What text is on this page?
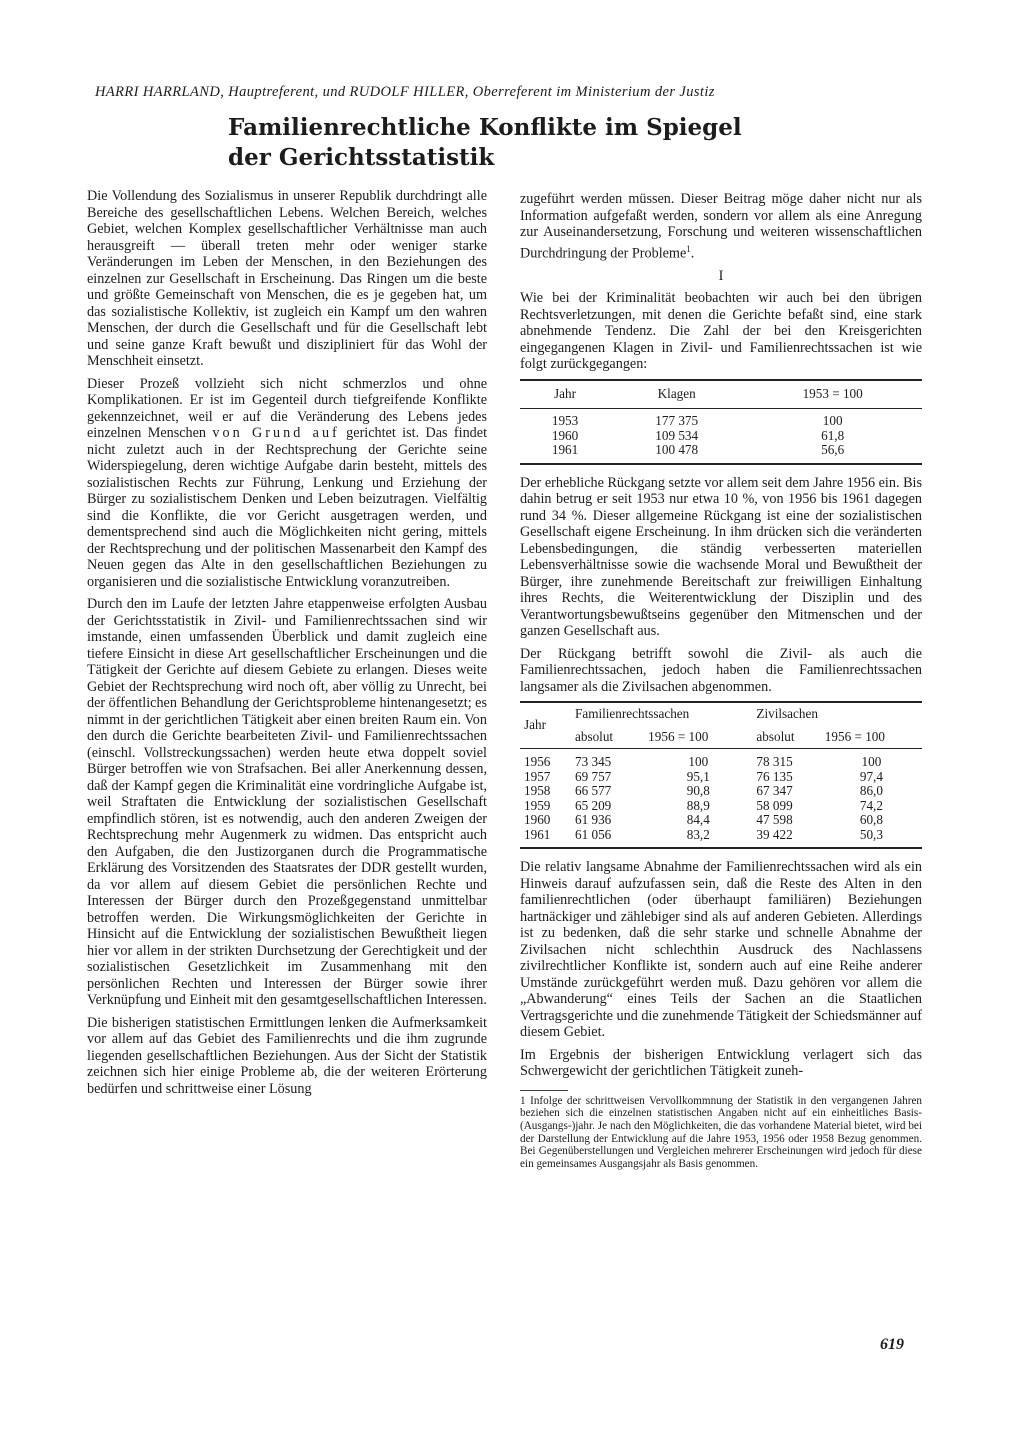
HARRI HARRLAND, Hauptreferent, und RUDOLF HILLER, Oberreferent im Ministerium der Justiz
Familienrechtliche Konflikte im Spiegel
der Gerichtsstatistik

Die Vollendung des Sozialismus in unserer Republik durchdringt alle Bereiche des gesellschaftlichen Lebens. Welchen Bereich, welches Gebiet, welchen Komplex gesellschaftlicher Verhältnisse man auch herausgreift — überall treten mehr oder weniger starke Veränderungen im Leben der Menschen, in den Beziehungen des einzelnen zur Gesellschaft in Erscheinung. Das Ringen um die beste und größte Gemeinschaft von Menschen, die es je gegeben hat, um das sozialistische Kollektiv, ist zugleich ein Kampf um den wahren Menschen, der durch die Gesellschaft und für die Gesellschaft lebt und seine ganze Kraft bewußt und diszipliniert für das Wohl der Menschheit einsetzt.

Dieser Prozeß vollzieht sich nicht schmerzlos und ohne Komplikationen. Er ist im Gegenteil durch tiefgreifende Konflikte gekennzeichnet, weil er auf die Veränderung des Lebens jedes einzelnen Menschen von Grund auf gerichtet ist. Das findet nicht zuletzt auch in der Rechtsprechung der Gerichte seine Widerspiegelung, deren wichtige Aufgabe darin besteht, mittels des sozialistischen Rechts zur Führung, Lenkung und Erziehung der Bürger zu sozialistischem Denken und Leben beizutragen. Vielfältig sind die Konflikte, die vor Gericht ausgetragen werden, und dementsprechend sind auch die Möglichkeiten nicht gering, mittels der Rechtsprechung und der politischen Massenarbeit den Kampf des Neuen gegen das Alte in den gesellschaftlichen Beziehungen zu organisieren und die sozialistische Entwicklung voranzutreiben.

Durch den im Laufe der letzten Jahre etappenweise erfolgten Ausbau der Gerichtsstatistik in Zivil- und Familienrechtssachen sind wir imstande, einen umfassenden Überblick und damit zugleich eine tiefere Einsicht in diese Art gesellschaftlicher Erscheinungen und die Tätigkeit der Gerichte auf diesem Gebiete zu erlangen. Dieses weite Gebiet der Rechtsprechung wird noch oft, aber völlig zu Unrecht, bei der öffentlichen Behandlung der Gerichtsprobleme hintenangesetzt; es nimmt in der gerichtlichen Tätigkeit aber einen breiten Raum ein. Von den durch die Gerichte bearbeiteten Zivil- und Familienrechtssachen (einschl. Vollstreckungssachen) werden heute etwa doppelt soviel Bürger betroffen wie von Strafsachen. Bei aller Anerkennung dessen, daß der Kampf gegen die Kriminalität eine vordringliche Aufgabe ist, weil Straftaten die Entwicklung der sozialistischen Gesellschaft empfindlich stören, ist es notwendig, auch den anderen Zweigen der Rechtsprechung mehr Augenmerk zu widmen. Das entspricht auch den Aufgaben, die den Justizorganen durch die Programmatische Erklärung des Vorsitzenden des Staatsrates der DDR gestellt wurden, da vor allem auf diesem Gebiet die persönlichen Rechte und Interessen der Bürger durch den Prozeßgegenstand unmittelbar betroffen werden. Die Wirkungsmöglichkeiten der Gerichte in Hinsicht auf die Entwicklung der sozialistischen Bewußtheit liegen hier vor allem in der strikten Durchsetzung der Gerechtigkeit und der sozialistischen Gesetzlichkeit im Zusammenhang mit den persönlichen Rechten und Interessen der Bürger sowie ihrer Verknüpfung und Einheit mit den gesamtgesellschaftlichen Interessen.

Die bisherigen statistischen Ermittlungen lenken die Aufmerksamkeit vor allem auf das Gebiet des Familienrechts und die ihm zugrunde liegenden gesellschaftlichen Beziehungen. Aus der Sicht der Statistik zeichnen sich hier einige Probleme ab, die der weiteren Erörterung bedürfen und schrittweise einer Lösung

zugeführt werden müssen. Dieser Beitrag möge daher nicht nur als Information aufgefaßt werden, sondern vor allem als eine Anregung zur Auseinandersetzung, Forschung und weiteren wissenschaftlichen Durchdringung der Probleme$^1$.

I

Wie bei der Kriminalität beobachten wir auch bei den übrigen Rechtsverletzungen, mit denen die Gerichte befaßt sind, eine stark abnehmende Tendenz. Die Zahl der bei den Kreisgerichten eingegangenen Klagen in Zivil- und Familienrechtssachen ist wie folgt zurückgegangen:

Jahr	Klagen	1953 = 100
1953	177 375	100
1960	109 534	61,8
1961	100 478	56,6

Der erhebliche Rückgang setzte vor allem seit dem Jahre 1956 ein. Bis dahin betrug er seit 1953 nur etwa 10 %, von 1956 bis 1961 dagegen rund 34 %. Dieser allgemeine Rückgang ist eine der sozialistischen Gesellschaft eigene Erscheinung. In ihm drücken sich die veränderten Lebensbedingungen, die ständig verbesserten materiellen Lebensverhältnisse sowie die wachsende Moral und Bewußtheit der Bürger, ihre zunehmende Bereitschaft zur freiwilligen Einhaltung ihres Rechts, die Weiterentwicklung der Disziplin und des Verantwortungsbewußtseins gegenüber den Mitmenschen und der ganzen Gesellschaft aus.

Der Rückgang betrifft sowohl die Zivil- als auch die Familienrechtssachen, jedoch haben die Familienrechtssachen langsamer als die Zivilsachen abgenommen.

Jahr	Familienrechtssachen		Zivilsachen	
	absolut	1956 = 100	absolut	1956 = 100
1956	73 345	100	78 315	100
1957	69 757	95,1	76 135	97,4
1958	66 577	90,8	67 347	86,0
1959	65 209	88,9	58 099	74,2
1960	61 936	84,4	47 598	60,8
1961	61 056	83,2	39 422	50,3

Die relativ langsame Abnahme der Familienrechtssachen wird als ein Hinweis darauf aufzufassen sein, daß die Reste des Alten in den familienrechtlichen (oder überhaupt familiären) Beziehungen hartnäckiger und zählebiger sind als auf anderen Gebieten. Allerdings ist zu bedenken, daß die sehr starke und schnelle Abnahme der Zivilsachen nicht schlechthin Ausdruck des Nachlassens zivilrechtlicher Konflikte ist, sondern auch auf eine Reihe anderer Umstände zurückgeführt werden muß. Dazu gehören vor allem die „Abwanderung“ eines Teils der Sachen an die Staatlichen Vertragsgerichte und die zunehmende Tätigkeit der Schiedsmänner auf diesem Gebiet.

Im Ergebnis der bisherigen Entwicklung verlagert sich das Schwergewicht der gerichtlichen Tätigkeit zuneh-

1 Infolge der schrittweisen Vervollkommnung der Statistik in den vergangenen Jahren beziehen sich die einzelnen statistischen Angaben nicht auf ein einheitliches Basis-(Ausgangs-)jahr. Je nach den Möglichkeiten, die das vorhandene Material bietet, wird bei der Darstellung der Entwicklung auf die Jahre 1953, 1956 oder 1958 Bezug genommen. Bei Gegenüberstellungen und Vergleichen mehrerer Erscheinungen wird jedoch für diese ein gemeinsames Ausgangsjahr als Basis genommen.

619
